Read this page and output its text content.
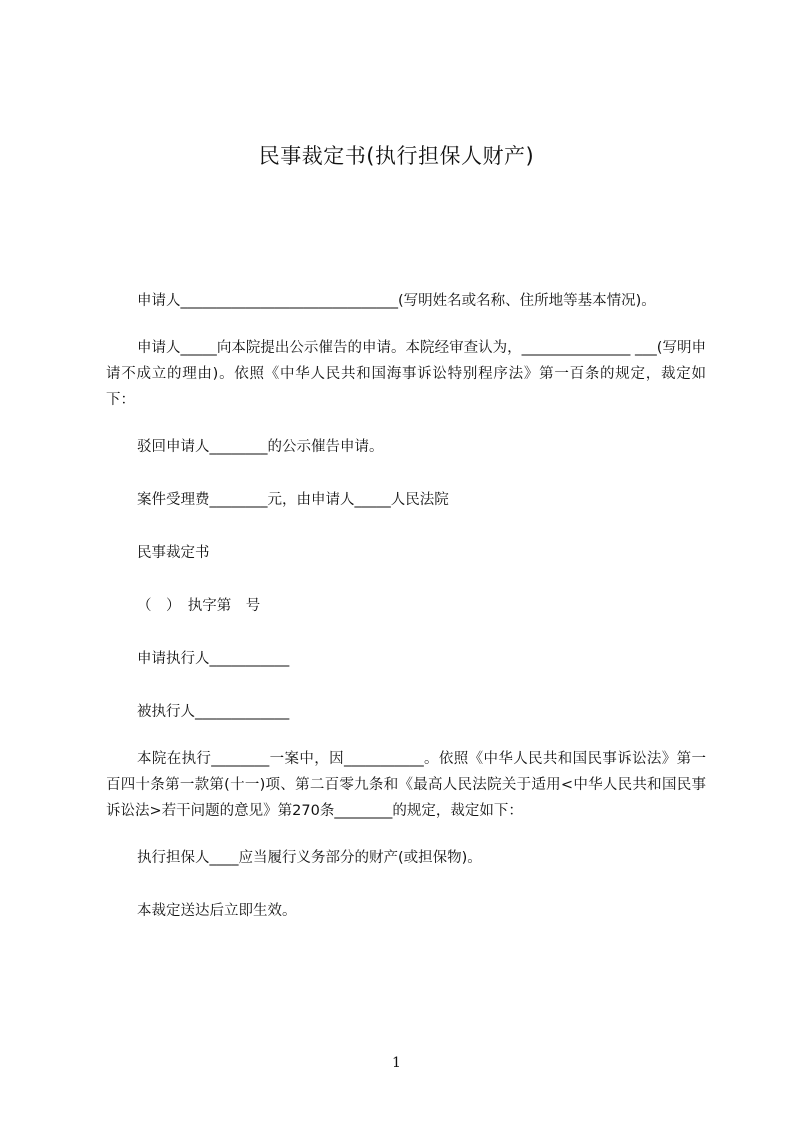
民事裁定书(执行担保人财产)

申请人______________________________(写明姓名或名称、住所地等基本情况)。

申请人_____向本院提出公示催告的申请。本院经审查认为，_______________ ___(写明申请不成立的理由)。依照《中华人民共和国海事诉讼特别程序法》第一百条的规定，裁定如下：

驳回申请人________的公示催告申请。

案件受理费________元，由申请人_____人民法院

民事裁定书

（　）　执字第　号

申请执行人___________

被执行人_____________

本院在执行________一案中，因___________。依照《中华人民共和国民事诉讼法》第一百四十条第一款第(十一)项、第二百零九条和《最高人民法院关于适用<中华人民共和国民事诉讼法>若干问题的意见》第270条________的规定，裁定如下：

执行担保人____应当履行义务部分的财产(或担保物)。

本裁定送达后立即生效。

1
